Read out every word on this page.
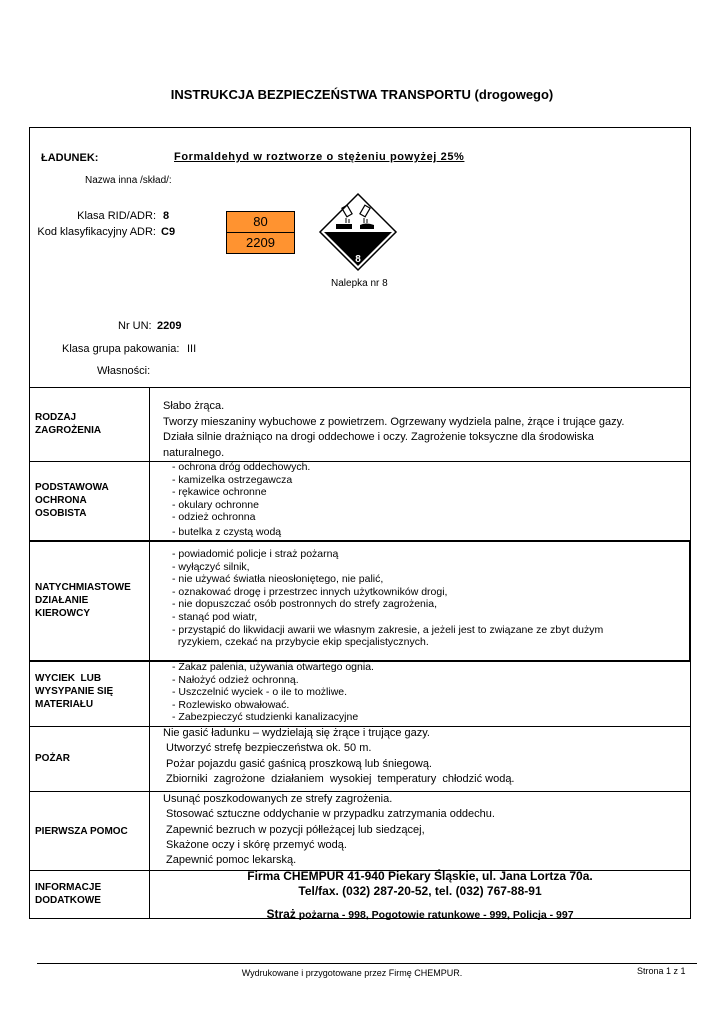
INSTRUKCJA BEZPIECZEŃSTWA TRANSPORTU (drogowego)
ŁADUNEK:	Formaldehyd w roztworze o stężeniu powyżej 25%
Nazwa inna /skład/:
Klasa RID/ADR: 8
Kod klasyfikacyjny ADR: C9
80
2209
8
Nalepka nr 8
Nr UN: 2209
Klasa grupa pakowania: III
Własności:
RODZAJ
ZAGROŻENIA
Słabo żrąca.
Tworzy mieszaniny wybuchowe z powietrzem. Ogrzewany wydziela palne, żrące i trujące gazy.
Działa silnie drażniąco na drogi oddechowe i oczy. Zagrożenie toksyczne dla środowiska
naturalnego.
PODSTAWOWA
OCHRONA
OSOBISTA
- ochrona dróg oddechowych.
- kamizelka ostrzegawcza
- rękawice ochronne
- okulary ochronne
- odzież ochronna
- butelka z czystą wodą
NATYCHMIASTOWE
DZIAŁANIE
KIEROWCY
- powiadomić policje i straż pożarną
- wyłączyć silnik,
- nie używać światła nieosłoniętego, nie palić,
- oznakować drogę i przestrzec innych użytkowników drogi,
- nie dopuszczać osób postronnych do strefy zagrożenia,
- stanąć pod wiatr,
- przystąpić do likwidacji awarii we własnym zakresie, a jeżeli jest to związane ze zbyt dużym
ryzykiem, czekać na przybycie ekip specjalistycznych.
WYCIEK  LUB
WYSYPANIE SIĘ
MATERIAŁU
- Zakaz palenia, używania otwartego ognia.
- Nałożyć odzież ochronną.
- Uszczelnić wyciek - o ile to możliwe.
- Rozlewisko obwałować.
- Zabezpieczyć studzienki kanalizacyjne
POŻAR
Nie gasić ładunku – wydzielają się żrące i trujące gazy.
Utworzyć strefę bezpieczeństwa ok. 50 m.
Pożar pojazdu gasić gaśnicą proszkową lub śniegową.
Zbiorniki  zagrożone  działaniem  wysokiej  temperatury  chłodzić wodą.
PIERWSZA POMOC
Usunąć poszkodowanych ze strefy zagrożenia.
Stosować sztuczne oddychanie w przypadku zatrzymania oddechu.
Zapewnić bezruch w pozycji półleżącej lub siedzącej,
Skażone oczy i skórę przemyć wodą.
Zapewnić pomoc lekarską.
INFORMACJE
DODATKOWE
Firma CHEMPUR 41-940 Piekary Śląskie, ul. Jana Lortza 70a.
Tel/fax. (032) 287-20-52, tel. (032) 767-88-91
Straż pożarna - 998, Pogotowie ratunkowe - 999, Policja - 997
Wydrukowane i przygotowane przez Firmę CHEMPUR.	Strona 1 z 1
